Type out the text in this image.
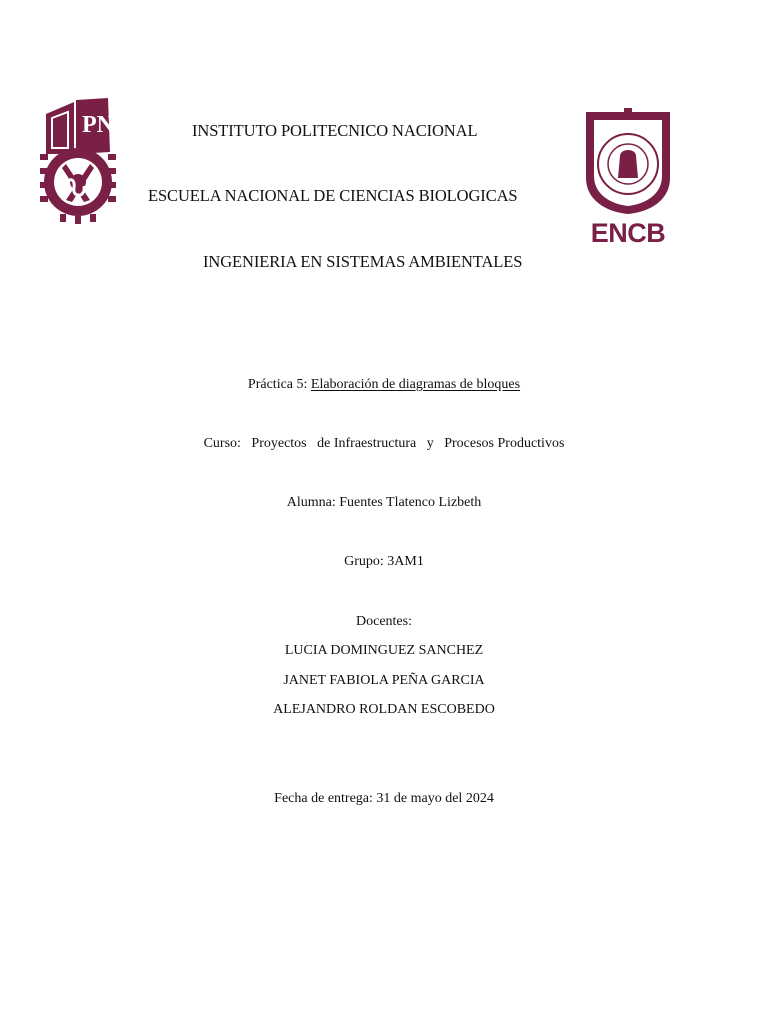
PN
ENCB
INSTITUTO POLITECNICO NACIONAL
ESCUELA NACIONAL DE CIENCIAS BIOLOGICAS
INGENIERIA EN SISTEMAS AMBIENTALES
Práctica 5: Elaboración de diagramas de bloques
Curso:   Proyectos   de Infraestructura   y   Procesos Productivos
Alumna: Fuentes Tlatenco Lizbeth
Grupo: 3AM1
Docentes:
LUCIA DOMINGUEZ SANCHEZ
JANET FABIOLA PEÑA GARCIA
ALEJANDRO ROLDAN ESCOBEDO
Fecha de entrega: 31 de mayo del 2024
